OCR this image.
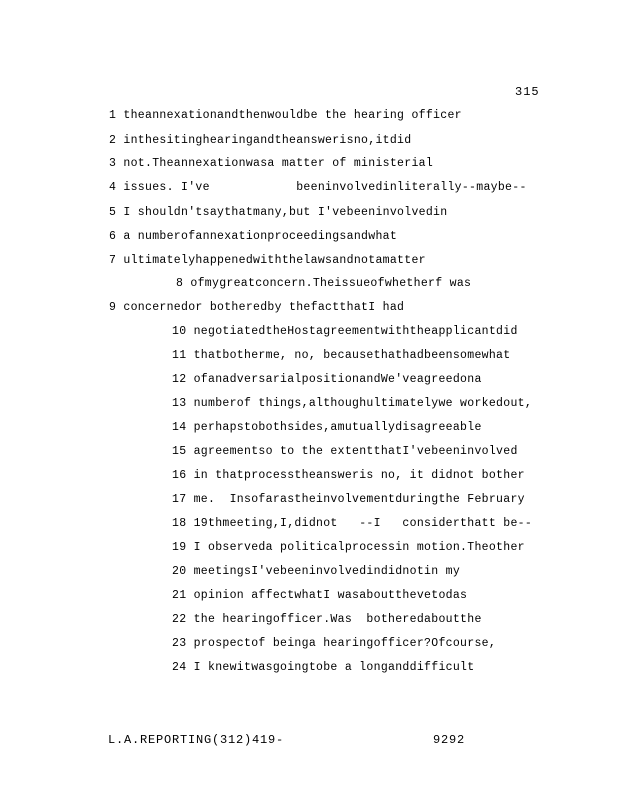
315
1 theannexationandthenwouldbe the hearing officer
2 inthesitinghearingandtheanswerisno,itdid
3 not.Theannexationwasa matter of ministerial
4 issues. I've            beeninvolvedinliterally--maybe--
5 I shouldn'tsaythatmany,but I'vebeeninvolvedin
6 a numberofannexationproceedingsandwhat
7 ultimatelyhappenedwiththelawsandnotamatter
8 ofmygreatconcern.Theissueofwhetherf was
9 concernedor botheredby thefactthatI had
10 negotiatedtheHostagreementwiththeapplicantdid
11 thatbotherme, no, becausethathadbeensomewhat
12 ofanadversarialpositionandWe'veagreedona
13 numberof things,althoughultimatelywe workedout,
14 perhapstobothsides,amutuallydisagreeable
15 agreementso to the extentthatI'vebeeninvolved
16 in thatprocesstheansweris no, it didnot bother
17 me.  Insofarastheinvolvementduringthe February
18 19thmeeting,I,didnot   --I   considerthatt be--
19 I observeda politicalprocessin motion.Theother
20 meetingsI'vebeeninvolvedindidnotin my
21 opinion affectwhatI wasaboutthevetodas
22 the hearingofficer.Was  botheredaboutthe
23 prospectof beinga hearingofficer?Ofcourse,
24 I knewitwasgoingtobe a longanddifficult
L.A.REPORTING(312)419-	9292
